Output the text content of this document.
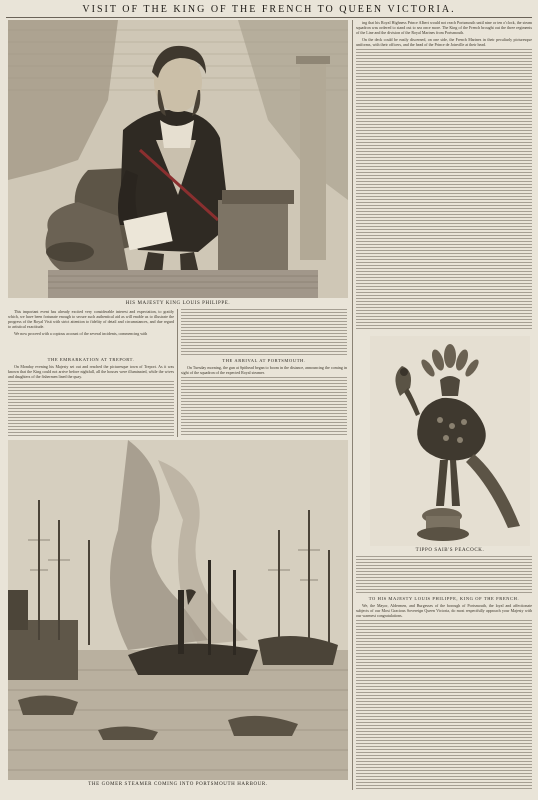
VISIT OF THE KING OF THE FRENCH TO QUEEN VICTORIA.
HIS MAJESTY KING LOUIS PHILIPPE.

This important event has already excited very considerable interest and expectation, to gratify which, we have been fortunate enough to secure such authentical aid as will enable us to illustrate the progress of the Royal Visit with strict attention to fidelity of detail and circumstances, and due regard to artistical exactitude.

We now proceed with a copious account of the several incidents, commencing with

THE EMBARKATION AT TREPORT.

On Monday evening his Majesty set out and reached the picturesque town of Treport. As it was known that the King could not arrive before nightfall, all the houses were illuminated, while the wives and daughters of the fishermen lined the quay.

THE ARRIVAL AT PORTSMOUTH.

On Tuesday morning, the gun at Spithead began to boom in the distance, announcing the coming in sight of the squadron of the expected Royal steamer.

THE GOMER STEAMER COMING INTO PORTSMOUTH HARBOUR.

ing that his Royal Highness Prince Albert would not reach Portsmouth until nine or ten o'clock, the steam squadron was ordered to stand out to sea once more. The King of the French brought out the three regiments of the Line and the division of the Royal Marines from Portsmouth.

On the deck could be easily discerned, on one side, the French Marines in their peculiarly picturesque uniforms, with their officers, and the head of the Prince de Joinville at their head.

TIPPO SAIB'S PEACOCK.
TO HIS MAJESTY LOUIS PHILIPPE, KING OF THE FRENCH.

We, the Mayor, Aldermen, and Burgesses of the borough of Portsmouth, the loyal and affectionate subjects of our Most Gracious Sovereign Queen Victoria, do most respectfully approach your Majesty with our warmest congratulations.
